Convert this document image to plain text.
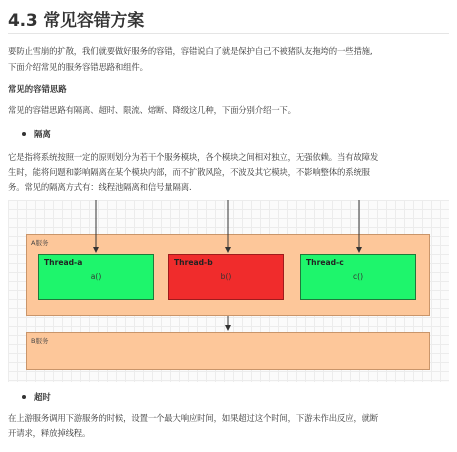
4.3 常见容错方案

要防止雪崩的扩散，我们就要做好服务的容错，容错说白了就是保护自己不被猪队友拖垮的一些措施,

下面介绍常见的服务容错思路和组件。

常见的容错思路

常见的容错思路有隔离、超时、限流、熔断、降级这几种，下面分别介绍一下。

隔离

它是指将系统按照一定的原则划分为若干个服务模块，各个模块之间相对独立，无强依赖。当有故障发

生时，能将问题和影响隔离在某个模块内部，而不扩散风险，不波及其它模块，不影响整体的系统服

务。常见的隔离方式有：线程池隔离和信号量隔离.

A服务
B服务
Thread-a
a()
Thread-b
b()
Thread-c
c()
超时

在上游服务调用下游服务的时候，设置一个最大响应时间，如果超过这个时间，下游未作出反应，就断

开请求，释放掉线程。
